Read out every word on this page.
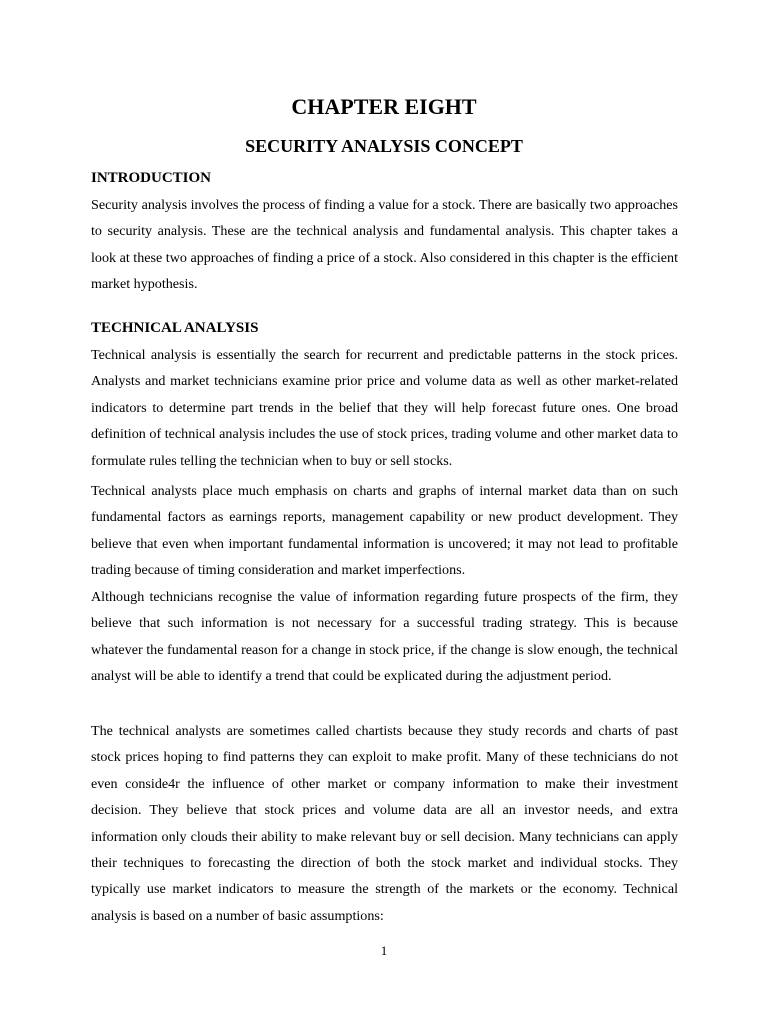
CHAPTER EIGHT
SECURITY ANALYSIS CONCEPT
INTRODUCTION

Security analysis involves the process of finding a value for a stock. There are basically two approaches to security analysis. These are the technical analysis and fundamental analysis. This chapter takes a look at these two approaches of finding a price of a stock. Also considered in this chapter is the efficient market hypothesis.

TECHNICAL ANALYSIS

Technical analysis is essentially the search for recurrent and predictable patterns in the stock prices. Analysts and market technicians examine prior price and volume data as well as other market-related indicators to determine part trends in the belief that they will help forecast future ones. One broad definition of technical analysis includes the use of stock prices, trading volume and other market data to formulate rules telling the technician when to buy or sell stocks.

Technical analysts place much emphasis on charts and graphs of internal market data than on such fundamental factors as earnings reports, management capability or new product development. They believe that even when important fundamental information is uncovered; it may not lead to profitable trading because of timing consideration and market imperfections.

Although technicians recognise the value of information regarding future prospects of the firm, they believe that such information is not necessary for a successful trading strategy. This is because whatever the fundamental reason for a change in stock price, if the change is slow enough, the technical analyst will be able to identify a trend that could be explicated during the adjustment period.

The technical analysts are sometimes called chartists because they study records and charts of past stock prices hoping to find patterns they can exploit to make profit. Many of these technicians do not even conside4r the influence of other market or company information to make their investment decision. They believe that stock prices and volume data are all an investor needs, and extra information only clouds their ability to make relevant buy or sell decision. Many technicians can apply their techniques to forecasting the direction of both the stock market and individual stocks. They typically use market indicators to measure the strength of the markets or the economy. Technical analysis is based on a number of basic assumptions:

1
